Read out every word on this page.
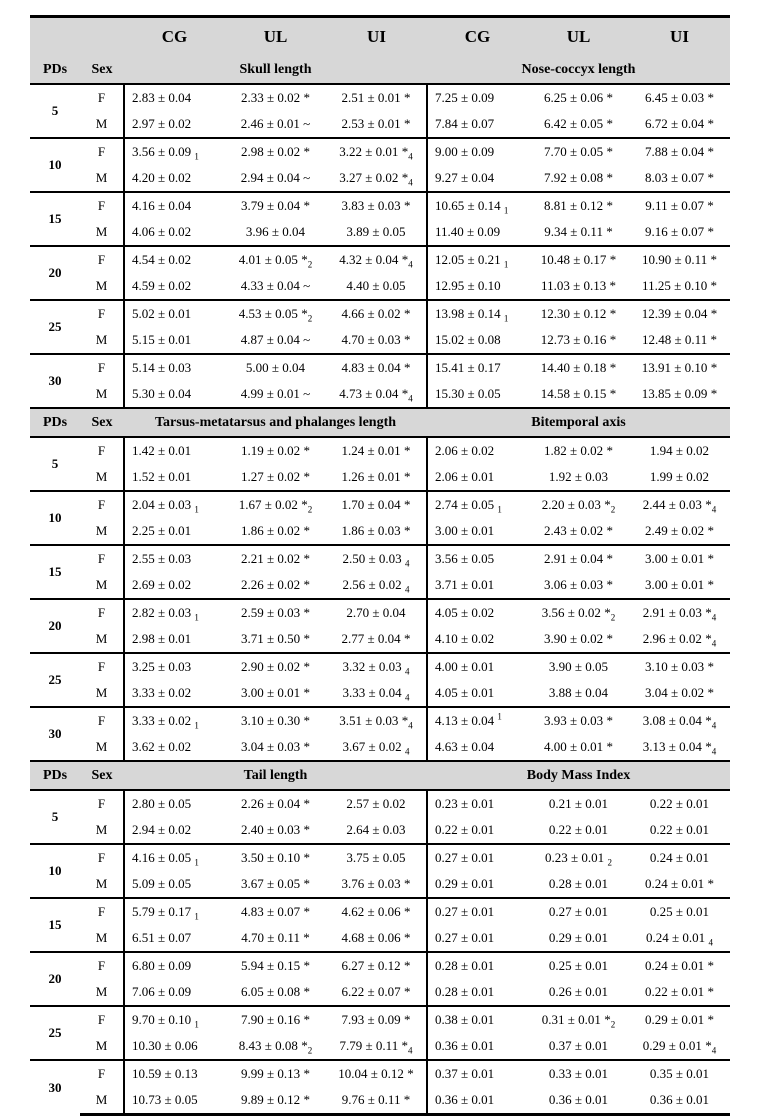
		CG	UL	UI	CG	UL	UI
PDs	Sex	Skull length			Nose-coccyx length		
5	F	2.83 ± 0.04	2.33 ± 0.02 *	2.51 ± 0.01 *	7.25 ± 0.09	6.25 ± 0.06 *	6.45 ± 0.03 *
	M	2.97 ± 0.02	2.46 ± 0.01 ~	2.53 ± 0.01 *	7.84 ± 0.07	6.42 ± 0.05 *	6.72 ± 0.04 *
10	F	3.56 ± 0.09 $_1$	2.98 ± 0.02 *	3.22 ± 0.01 $*_4$	9.00 ± 0.09	7.70 ± 0.05 *	7.88 ± 0.04 *
	M	4.20 ± 0.02	2.94 ± 0.04 ~	3.27 ± 0.02 $*_4$	9.27 ± 0.04	7.92 ± 0.08 *	8.03 ± 0.07 *
15	F	4.16 ± 0.04	3.79 ± 0.04 *	3.83 ± 0.03 *	10.65 ± 0.14 $_1$	8.81 ± 0.12 *	9.11 ± 0.07 *
	M	4.06 ± 0.02	3.96 ± 0.04	3.89 ± 0.05	11.40 ± 0.09	9.34 ± 0.11 *	9.16 ± 0.07 *
20	F	4.54 ± 0.02	4.01 ± 0.05 $*_2$	4.32 ± 0.04 $*_4$	12.05 ± 0.21 $_1$	10.48 ± 0.17 *	10.90 ± 0.11 *
	M	4.59 ± 0.02	4.33 ± 0.04 ~	4.40 ± 0.05	12.95 ± 0.10	11.03 ± 0.13 *	11.25 ± 0.10 *
25	F	5.02 ± 0.01	4.53 ± 0.05 $*_2$	4.66 ± 0.02 *	13.98 ± 0.14 $_1$	12.30 ± 0.12 *	12.39 ± 0.04 *
	M	5.15 ± 0.01	4.87 ± 0.04 ~	4.70 ± 0.03 *	15.02 ± 0.08	12.73 ± 0.16 *	12.48 ± 0.11 *
30	F	5.14 ± 0.03	5.00 ± 0.04	4.83 ± 0.04 *	15.41 ± 0.17	14.40 ± 0.18 *	13.91 ± 0.10 *
	M	5.30 ± 0.04	4.99 ± 0.01 ~	4.73 ± 0.04 $*_4$	15.30 ± 0.05	14.58 ± 0.15 *	13.85 ± 0.09 *
PDs	Sex	Tarsus-metatarsus and phalanges length			Bitemporal axis		
5	F	1.42 ± 0.01	1.19 ± 0.02 *	1.24 ± 0.01 *	2.06 ± 0.02	1.82 ± 0.02 *	1.94 ± 0.02
	M	1.52 ± 0.01	1.27 ± 0.02 *	1.26 ± 0.01 *	2.06 ± 0.01	1.92 ± 0.03	1.99 ± 0.02
10	F	2.04 ± 0.03 $_1$	1.67 ± 0.02 $*_2$	1.70 ± 0.04 *	2.74 ± 0.05 $_1$	2.20 ± 0.03 $*_2$	2.44 ± 0.03 $*_4$
	M	2.25 ± 0.01	1.86 ± 0.02 *	1.86 ± 0.03 *	3.00 ± 0.01	2.43 ± 0.02 *	2.49 ± 0.02 *
15	F	2.55 ± 0.03	2.21 ± 0.02 *	2.50 ± 0.03 $_4$	3.56 ± 0.05	2.91 ± 0.04 *	3.00 ± 0.01 *
	M	2.69 ± 0.02	2.26 ± 0.02 *	2.56 ± 0.02 $_4$	3.71 ± 0.01	3.06 ± 0.03 *	3.00 ± 0.01 *
20	F	2.82 ± 0.03 $_1$	2.59 ± 0.03 *	2.70 ± 0.04	4.05 ± 0.02	3.56 ± 0.02 $*_2$	2.91 ± 0.03 $*_4$
	M	2.98 ± 0.01	3.71 ± 0.50 *	2.77 ± 0.04 *	4.10 ± 0.02	3.90 ± 0.02 *	2.96 ± 0.02 $*_4$
25	F	3.25 ± 0.03	2.90 ± 0.02 *	3.32 ± 0.03 $_4$	4.00 ± 0.01	3.90 ± 0.05	3.10 ± 0.03 *
	M	3.33 ± 0.02	3.00 ± 0.01 *	3.33 ± 0.04 $_4$	4.05 ± 0.01	3.88 ± 0.04	3.04 ± 0.02 *
30	F	3.33 ± 0.02 $_1$	3.10 ± 0.30 *	3.51 ± 0.03 $*_4$	4.13 ± 0.04 $^1$	3.93 ± 0.03 *	3.08 ± 0.04 $*_4$
	M	3.62 ± 0.02	3.04 ± 0.03 *	3.67 ± 0.02 $_4$	4.63 ± 0.04	4.00 ± 0.01 *	3.13 ± 0.04 $*_4$
PDs	Sex	Tail length			Body Mass Index		
5	F	2.80 ± 0.05	2.26 ± 0.04 *	2.57 ± 0.02	0.23 ± 0.01	0.21 ± 0.01	0.22 ± 0.01
	M	2.94 ± 0.02	2.40 ± 0.03 *	2.64 ± 0.03	0.22 ± 0.01	0.22 ± 0.01	0.22 ± 0.01
10	F	4.16 ± 0.05 $_1$	3.50 ± 0.10 *	3.75 ± 0.05	0.27 ± 0.01	0.23 ± 0.01 $_2$	0.24 ± 0.01
	M	5.09 ± 0.05	3.67 ± 0.05 *	3.76 ± 0.03 *	0.29 ± 0.01	0.28 ± 0.01	0.24 ± 0.01 *
15	F	5.79 ± 0.17 $_1$	4.83 ± 0.07 *	4.62 ± 0.06 *	0.27 ± 0.01	0.27 ± 0.01	0.25 ± 0.01
	M	6.51 ± 0.07	4.70 ± 0.11 *	4.68 ± 0.06 *	0.27 ± 0.01	0.29 ± 0.01	0.24 ± 0.01 $_4$
20	F	6.80 ± 0.09	5.94 ± 0.15 *	6.27 ± 0.12 *	0.28 ± 0.01	0.25 ± 0.01	0.24 ± 0.01 *
	M	7.06 ± 0.09	6.05 ± 0.08 *	6.22 ± 0.07 *	0.28 ± 0.01	0.26 ± 0.01	0.22 ± 0.01 *
25	F	9.70 ± 0.10 $_1$	7.90 ± 0.16 *	7.93 ± 0.09 *	0.38 ± 0.01	0.31 ± 0.01 $*_2$	0.29 ± 0.01 *
	M	10.30 ± 0.06	8.43 ± 0.08 $*_2$	7.79 ± 0.11 $*_4$	0.36 ± 0.01	0.37 ± 0.01	0.29 ± 0.01 $*_4$
30	F	10.59 ± 0.13	9.99 ± 0.13 *	10.04 ± 0.12 *	0.37 ± 0.01	0.33 ± 0.01	0.35 ± 0.01
	M	10.73 ± 0.05	9.89 ± 0.12 *	9.76 ± 0.11 *	0.36 ± 0.01	0.36 ± 0.01	0.36 ± 0.01
